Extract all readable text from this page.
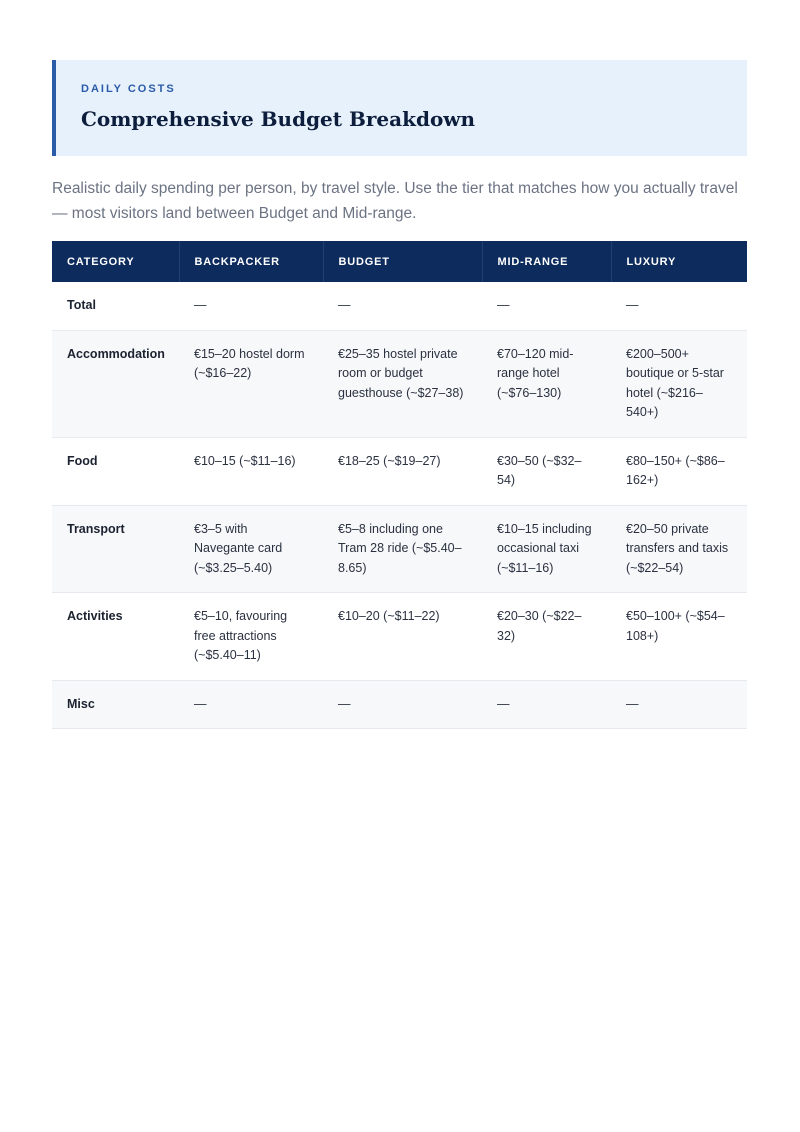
DAILY COSTS
Comprehensive Budget Breakdown

Realistic daily spending per person, by travel style. Use the tier that matches how you actually travel — most visitors land between Budget and Mid-range.

CATEGORY	BACKPACKER	BUDGET	MID-RANGE	LUXURY
Total	—	—	—	—
Accommodation	€15–20 hostel dorm (~$16–22)	€25–35 hostel private room or budget guesthouse (~$27–38)	€70–120 mid-range hotel (~$76–130)	€200–500+ boutique or 5-star hotel (~$216–540+)
Food	€10–15 (~$11–16)	€18–25 (~$19–27)	€30–50 (~$32–54)	€80–150+ (~$86–162+)
Transport	€3–5 with Navegante card (~$3.25–5.40)	€5–8 including one Tram 28 ride (~$5.40–8.65)	€10–15 including occasional taxi (~$11–16)	€20–50 private transfers and taxis (~$22–54)
Activities	€5–10, favouring free attractions (~$5.40–11)	€10–20 (~$11–22)	€20–30 (~$22–32)	€50–100+ (~$54–108+)
Misc	—	—	—	—
